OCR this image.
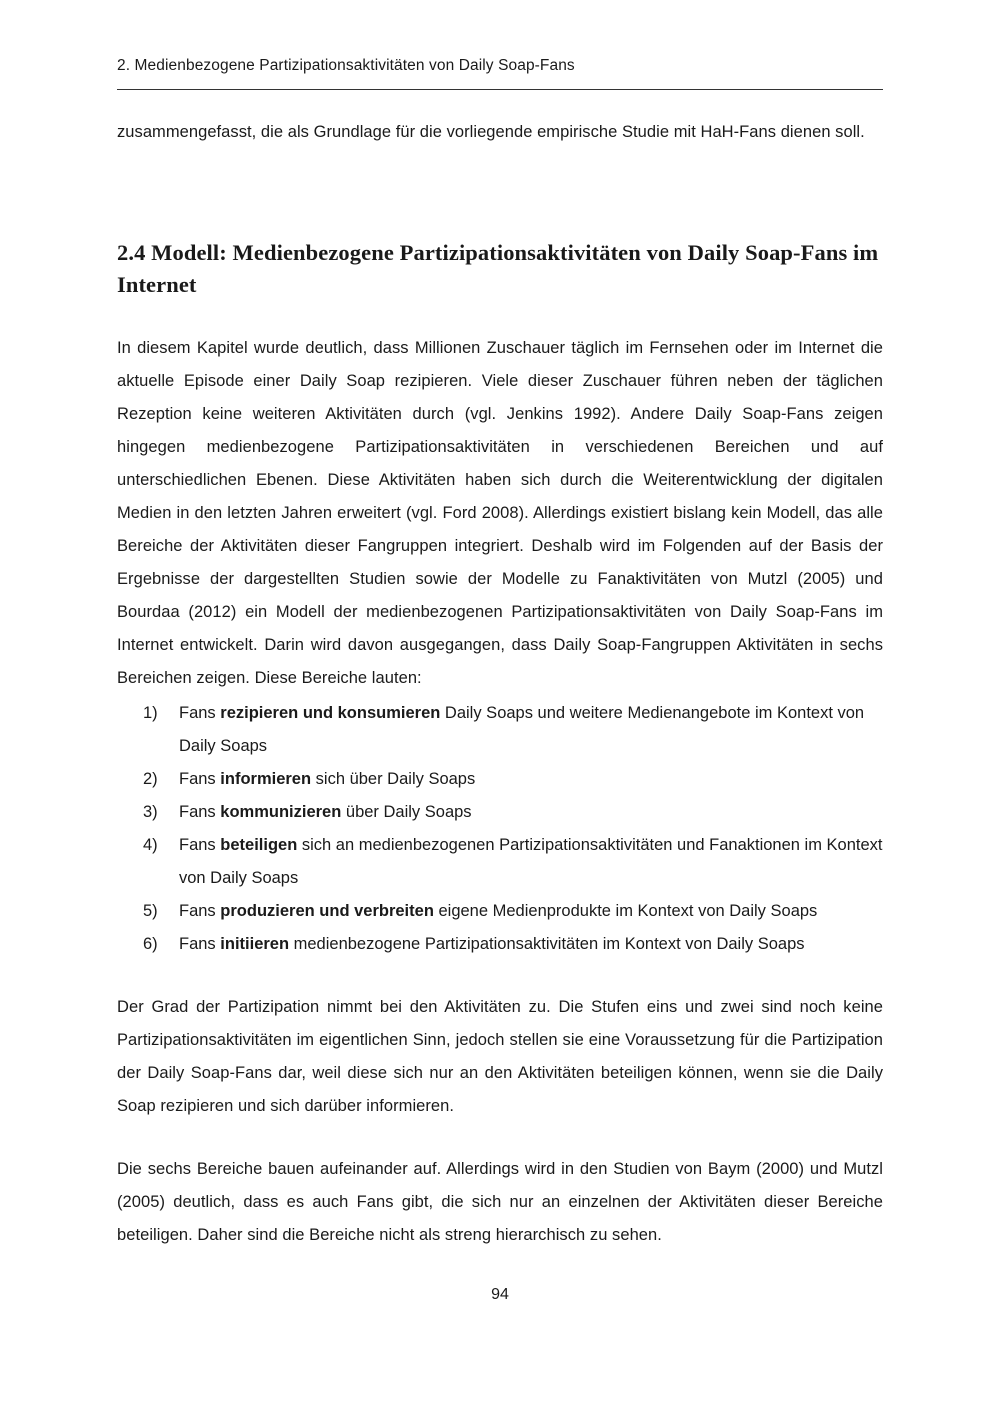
2. Medienbezogene Partizipationsaktivitäten von Daily Soap-Fans

zusammengefasst, die als Grundlage für die vorliegende empirische Studie mit HaH-Fans dienen soll.

2.4 Modell: Medienbezogene Partizipationsaktivitäten von Daily Soap-Fans im Internet

In diesem Kapitel wurde deutlich, dass Millionen Zuschauer täglich im Fernsehen oder im Internet die aktuelle Episode einer Daily Soap rezipieren. Viele dieser Zuschauer führen neben der täglichen Rezeption keine weiteren Aktivitäten durch (vgl. Jenkins 1992). Andere Daily Soap-Fans zeigen hingegen medienbezogene Partizipationsaktivitäten in verschiedenen Bereichen und auf unterschiedlichen Ebenen. Diese Aktivitäten haben sich durch die Weiterentwicklung der digitalen Medien in den letzten Jahren erweitert (vgl. Ford 2008). Allerdings existiert bislang kein Modell, das alle Bereiche der Aktivitäten dieser Fangruppen integriert. Deshalb wird im Folgenden auf der Basis der Ergebnisse der dargestellten Studien sowie der Modelle zu Fanaktivitäten von Mutzl (2005) und Bourdaa (2012) ein Modell der medienbezogenen Partizipationsaktivitäten von Daily Soap-Fans im Internet entwickelt. Darin wird davon ausgegangen, dass Daily Soap-Fangruppen Aktivitäten in sechs Bereichen zeigen. Diese Bereiche lauten:

1)	Fans rezipieren und konsumieren Daily Soaps und weitere Medienangebote im Kontext von Daily Soaps
2)	Fans informieren sich über Daily Soaps
3)	Fans kommunizieren über Daily Soaps
4)	Fans beteiligen sich an medienbezogenen Partizipationsaktivitäten und Fanaktionen im Kontext von Daily Soaps
5)	Fans produzieren und verbreiten eigene Medienprodukte im Kontext von Daily Soaps
6)	Fans initiieren medienbezogene Partizipationsaktivitäten im Kontext von Daily Soaps

Der Grad der Partizipation nimmt bei den Aktivitäten zu. Die Stufen eins und zwei sind noch keine Partizipationsaktivitäten im eigentlichen Sinn, jedoch stellen sie eine Voraussetzung für die Partizipation der Daily Soap-Fans dar, weil diese sich nur an den Aktivitäten beteiligen können, wenn sie die Daily Soap rezipieren und sich darüber informieren.

Die sechs Bereiche bauen aufeinander auf. Allerdings wird in den Studien von Baym (2000) und Mutzl (2005) deutlich, dass es auch Fans gibt, die sich nur an einzelnen der Aktivitäten dieser Bereiche beteiligen. Daher sind die Bereiche nicht als streng hierarchisch zu sehen.

94
